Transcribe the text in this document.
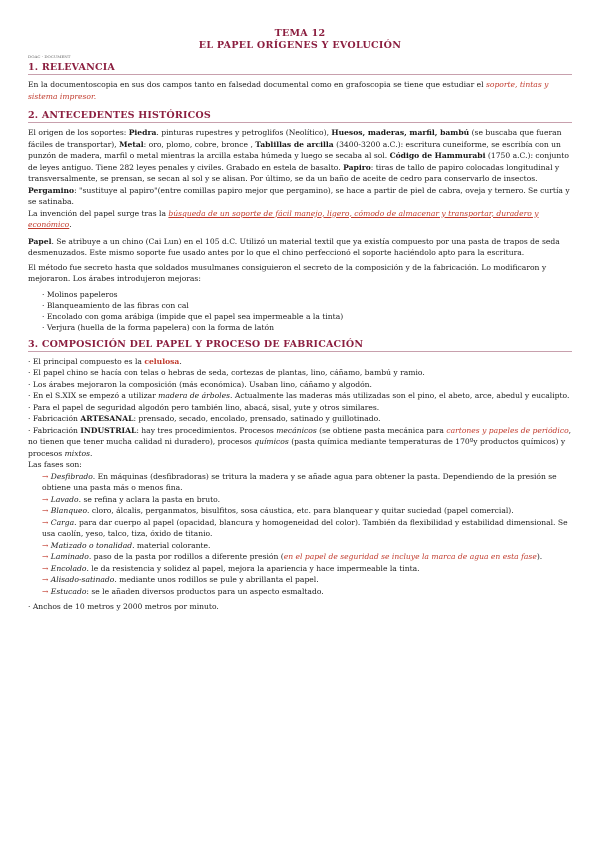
TEMA 12
EL PAPEL ORÍGENES Y EVOLUCIÓN
DOAC - DOCUMENT
1. RELEVANCIA

En la documentoscopia en sus dos campos tanto en falsedad documental como en grafoscopia se tiene que estudiar el soporte, tintas y sistema impresor.

2. ANTECEDENTES HISTÓRICOS

El origen de los soportes: Piedra. pinturas rupestres y petroglifos (Neolítico), Huesos, maderas, marfil, bambú (se buscaba que fueran fáciles de transportar), Metal: oro, plomo, cobre, bronce , Tablillas de arcilla (3400-3200 a.C.): escritura cuneiforme, se escribía con un punzón de madera, marfil o metal mientras la arcilla estaba húmeda y luego se secaba al sol. Código de Hammurabi (1750 a.C.): conjunto de leyes antiguo. Tiene 282 leyes penales y civiles. Grabado en estela de basalto. Papiro: tiras de tallo de papiro colocadas longitudinal y transversalmente, se prensan, se secan al sol y se alisan. Por último, se da un baño de aceite de cedro para conservarlo de insectos. Pergamino: "sustituye al papiro"(entre comillas papiro mejor que pergamino), se hace a partir de piel de cabra, oveja y ternero. Se curtía y se satinaba.
La invención del papel surge tras la búsqueda de un soporte de fácil manejo, ligero, cómodo de almacenar y transportar, duradero y económico.

Papel. Se atribuye a un chino (Cai Lun) en el 105 d.C. Utilizó un material textil que ya existía compuesto por una pasta de trapos de seda desmenuzados. Este mismo soporte fue usado antes por lo que el chino perfeccionó el soporte haciéndolo apto para la escritura.

El método fue secreto hasta que soldados musulmanes consiguieron el secreto de la composición y de la fabricación. Lo modificaron y mejoraron. Los árabes introdujeron mejoras:

· Molinos papeleros
· Blanqueamiento de las fibras con cal
· Encolado con goma arábiga (impide que el papel sea impermeable a la tinta)
· Verjura (huella de la forma papelera) con la forma de latón
3. COMPOSICIÓN DEL PAPEL Y PROCESO DE FABRICACIÓN

· El principal compuesto es la celulosa.

· El papel chino se hacía con telas o hebras de seda, cortezas de plantas, lino, cáñamo, bambú y ramio.

· Los árabes mejoraron la composición (más económica). Usaban lino, cáñamo y algodón.

· En el S.XIX se empezó a utilizar madera de árboles. Actualmente las maderas más utilizadas son el pino, el abeto, arce, abedul y eucalipto.

· Para el papel de seguridad algodón pero también lino, abacá, sisal, yute y otros similares.

· Fabricación ARTESANAL: prensado, secado, encolado, prensado, satinado y guillotinado.

· Fabricación INDUSTRIAL: hay tres procedimientos. Procesos mecánicos (se obtiene pasta mecánica para cartones y papeles de periódico, no tienen que tener mucha calidad ni duradero), procesos químicos (pasta química mediante temperaturas de 170ºy productos químicos) y procesos mixtos.

Las fases son:

→ Desfibrado. En máquinas (desfibradoras) se tritura la madera y se añade agua para obtener la pasta. Dependiendo de la presión se obtiene una pasta más o menos fina.

→ Lavado. se refina y aclara la pasta en bruto.

→ Blanqueo. cloro, álcalis, perganmatos, bisulfitos, sosa cáustica, etc. para blanquear y quitar suciedad (papel comercial).

→ Carga. para dar cuerpo al papel (opacidad, blancura y homogeneidad del color). También da flexibilidad y estabilidad dimensional. Se usa caolín, yeso, talco, tiza, óxido de titanio.

→ Matizado o tonalidad. material colorante.

→ Laminado. paso de la pasta por rodillos a diferente presión (en el papel de seguridad se incluye la marca de agua en esta fase).

→ Encolado. le da resistencia y solidez al papel, mejora la apariencia y hace impermeable la tinta.

→ Alisado-satinado. mediante unos rodillos se pule y abrillanta el papel.

→ Estucado: se le añaden diversos productos para un aspecto esmaltado.

· Anchos de 10 metros y 2000 metros por minuto.
